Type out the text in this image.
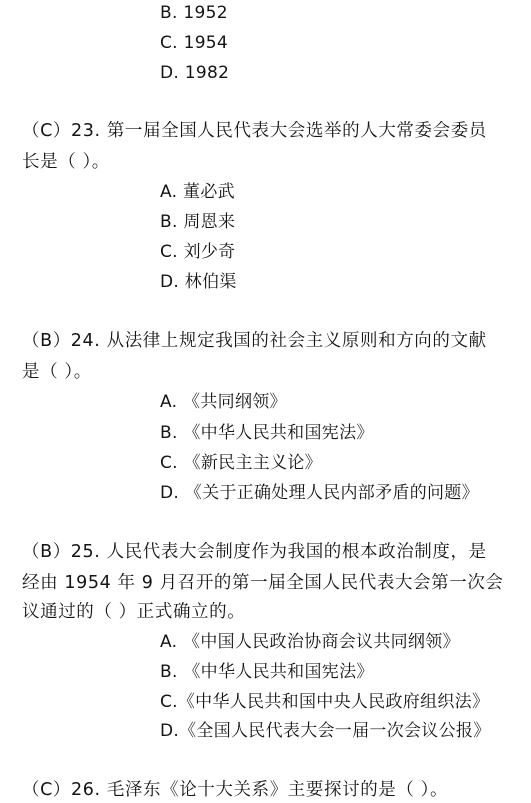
B. 1952
C. 1954
D. 1982
（C）23. 第一届全国人民代表大会选举的人大常委会委员
长是（ ）。
A. 董必武
B. 周恩来
C. 刘少奇
D. 林伯渠
（B）24. 从法律上规定我国的社会主义原则和方向的文献
是（ ）。
A. 《共同纲领》
B. 《中华人民共和国宪法》
C. 《新民主主义论》
D. 《关于正确处理人民内部矛盾的问题》
（B）25. 人民代表大会制度作为我国的根本政治制度，是
经由 1954 年 9 月召开的第一届全国人民代表大会第一次会
议通过的（ ）正式确立的。
A. 《中国人民政治协商会议共同纲领》
B. 《中华人民共和国宪法》
C.《中华人民共和国中央人民政府组织法》
D.《全国人民代表大会一届一次会议公报》
（C）26. 毛泽东《论十大关系》主要探讨的是（ ）。
